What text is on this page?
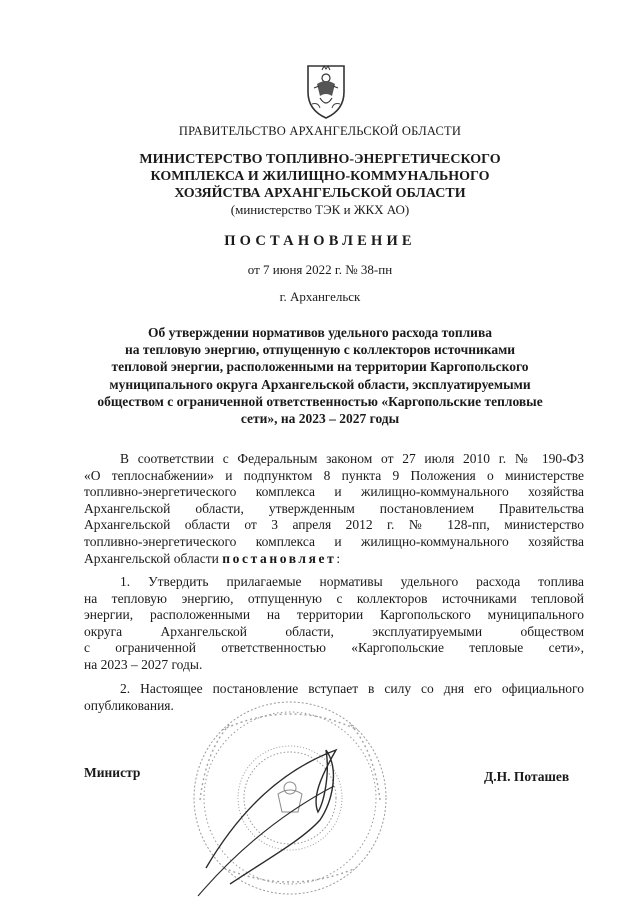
ПРАВИТЕЛЬСТВО АРХАНГЕЛЬСКОЙ ОБЛАСТИ
МИНИСТЕРСТВО ТОПЛИВНО-ЭНЕРГЕТИЧЕСКОГО
КОМПЛЕКСА И ЖИЛИЩНО-КОММУНАЛЬНОГО
ХОЗЯЙСТВА АРХАНГЕЛЬСКОЙ ОБЛАСТИ
(министерство ТЭК и ЖКХ АО)
ПОСТАНОВЛЕНИЕ
от 7 июня 2022 г. № 38-пн
г. Архангельск
Об утверждении нормативов удельного расхода топлива
на тепловую энергию, отпущенную с коллекторов источниками
тепловой энергии, расположенными на территории Каргопольского
муниципального округа Архангельской области, эксплуатируемыми
обществом с ограниченной ответственностью «Каргопольские тепловые
сети», на 2023 – 2027 годы
В соответствии с Федеральным законом от 27 июля 2010 г. № 190-ФЗ
«О теплоснабжении» и подпунктом 8 пункта 9 Положения о министерстве
топливно-энергетического комплекса и жилищно-коммунального хозяйства
Архангельской области, утвержденным постановлением Правительства
Архангельской области от 3 апреля 2012 г. № 128-пп, министерство
топливно-энергетического комплекса и жилищно-коммунального хозяйства
Архангельской области постановляет:
1. Утвердить прилагаемые нормативы удельного расхода топлива
на тепловую энергию, отпущенную с коллекторов источниками тепловой
энергии, расположенными на территории Каргопольского муниципального
округа Архангельской области, эксплуатируемыми обществом
с ограниченной ответственностью «Каргопольские тепловые сети»,
на 2023 – 2027 годы.
2. Настоящее постановление вступает в силу со дня его официального
опубликования.
Министр	Д.Н. Поташев
